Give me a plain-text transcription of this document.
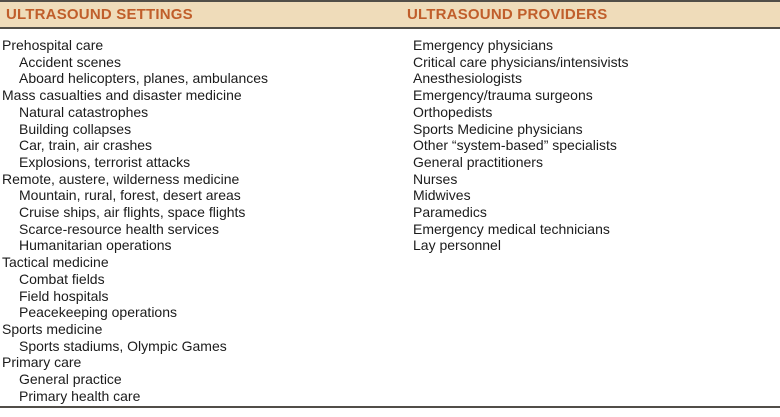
ULTRASOUND SETTINGS	ULTRASOUND PROVIDERS
Prehospital care
Accident scenes
Aboard helicopters, planes, ambulances
Mass casualties and disaster medicine
Natural catastrophes
Building collapses
Car, train, air crashes
Explosions, terrorist attacks
Remote, austere, wilderness medicine
Mountain, rural, forest, desert areas
Cruise ships, air flights, space flights
Scarce-resource health services
Humanitarian operations
Tactical medicine
Combat fields
Field hospitals
Peacekeeping operations
Sports medicine
Sports stadiums, Olympic Games
Primary care
General practice
Primary health care
Emergency physicians
Critical care physicians/intensivists
Anesthesiologists
Emergency/trauma surgeons
Orthopedists
Sports Medicine physicians
Other “system-based” specialists
General practitioners
Nurses
Midwives
Paramedics
Emergency medical technicians
Lay personnel
